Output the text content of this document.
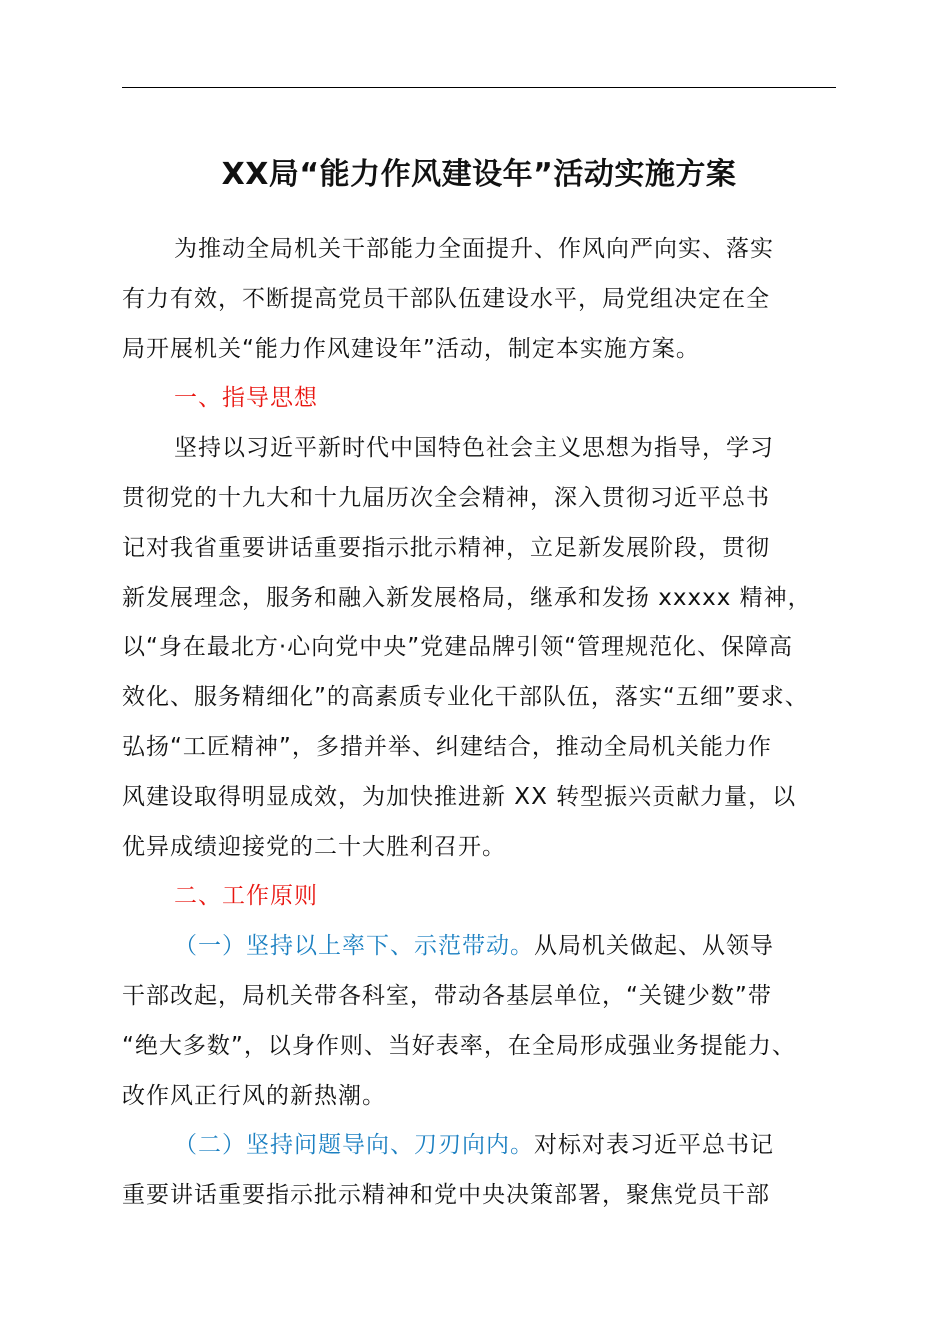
XX局“能力作风建设年”活动实施方案
为推动全局机关干部能力全面提升、作风向严向实、落实
有力有效，不断提高党员干部队伍建设水平，局党组决定在全
局开展机关“能力作风建设年”活动，制定本实施方案。
一、指导思想
坚持以习近平新时代中国特色社会主义思想为指导，学习
贯彻党的十九大和十九届历次全会精神，深入贯彻习近平总书
记对我省重要讲话重要指示批示精神，立足新发展阶段，贯彻
新发展理念，服务和融入新发展格局，继承和发扬 xxxxx 精神，
以“身在最北方·心向党中央”党建品牌引领“管理规范化、保障高
效化、服务精细化”的高素质专业化干部队伍，落实“五细”要求、
弘扬“工匠精神”，多措并举、纠建结合，推动全局机关能力作
风建设取得明显成效，为加快推进新 XX 转型振兴贡献力量，以
优异成绩迎接党的二十大胜利召开。
二、工作原则
（一）坚持以上率下、示范带动。从局机关做起、从领导
干部改起，局机关带各科室，带动各基层单位，“关键少数”带
“绝大多数”，以身作则、当好表率，在全局形成强业务提能力、
改作风正行风的新热潮。
（二）坚持问题导向、刀刃向内。对标对表习近平总书记
重要讲话重要指示批示精神和党中央决策部署，聚焦党员干部
